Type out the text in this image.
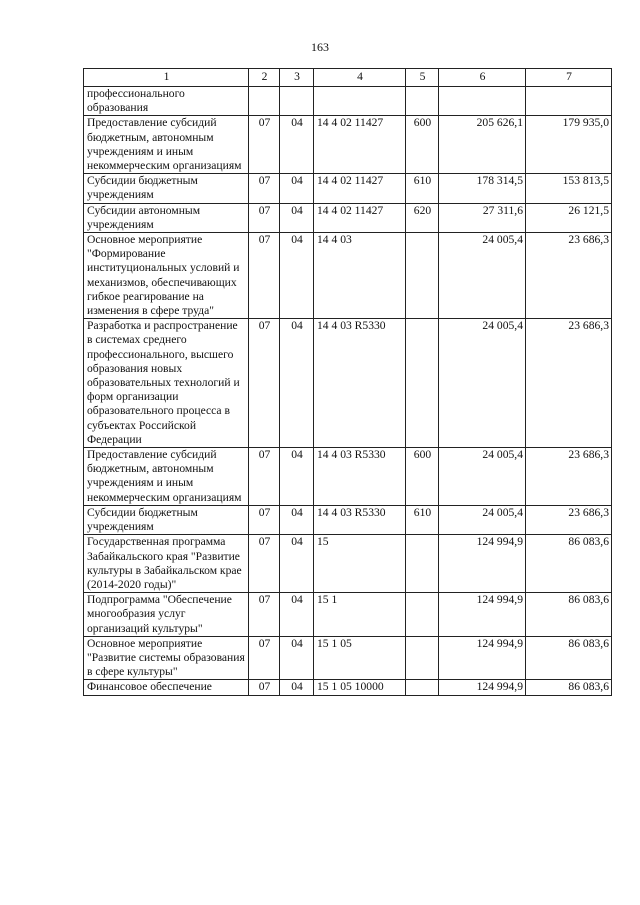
163
1	2	3	4	5	6	7
профессионального образования						
Предоставление субсидий бюджетным, автономным учреждениям и иным некоммерческим организациям	07	04	14 4 02 11427	600	205 626,1	179 935,0
Субсидии бюджетным учреждениям	07	04	14 4 02 11427	610	178 314,5	153 813,5
Субсидии автономным учреждениям	07	04	14 4 02 11427	620	27 311,6	26 121,5
Основное мероприятие "Формирование институциональных условий и механизмов, обеспечивающих гибкое реагирование на изменения в сфере труда"	07	04	14 4 03		24 005,4	23 686,3
Разработка и распространение в системах среднего профессионального, высшего образования новых образовательных технологий и форм организации образовательного процесса в субъектах Российской Федерации	07	04	14 4 03 R5330		24 005,4	23 686,3
Предоставление субсидий бюджетным, автономным учреждениям и иным некоммерческим организациям	07	04	14 4 03 R5330	600	24 005,4	23 686,3
Субсидии бюджетным учреждениям	07	04	14 4 03 R5330	610	24 005,4	23 686,3
Государственная программа Забайкальского края "Развитие культуры в Забайкальском крае (2014-2020 годы)"	07	04	15		124 994,9	86 083,6
Подпрограмма "Обеспечение многообразия услуг организаций культуры"	07	04	15 1		124 994,9	86 083,6
Основное мероприятие "Развитие системы образования в сфере культуры"	07	04	15 1 05		124 994,9	86 083,6
Финансовое обеспечение	07	04	15 1 05 10000		124 994,9	86 083,6
